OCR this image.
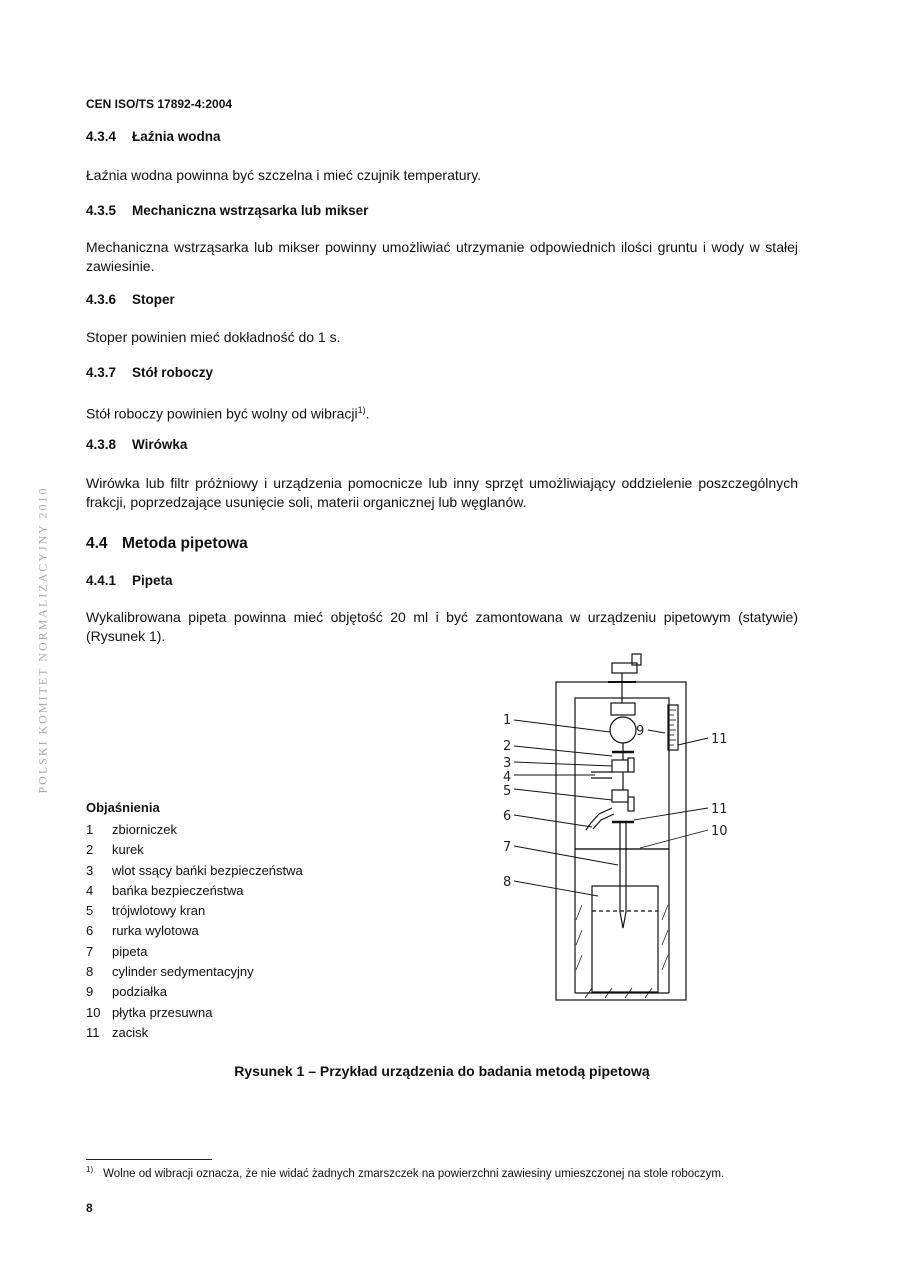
CEN ISO/TS 17892-4:2004
POLSKI KOMITET NORMALIZACYJNY 2010
4.3.4 Łaźnia wodna
Łaźnia wodna powinna być szczelna i mieć czujnik temperatury.
4.3.5 Mechaniczna wstrząsarka lub mikser
Mechaniczna wstrząsarka lub mikser powinny umożliwiać utrzymanie odpowiednich ilości gruntu i wody w stałej zawiesinie.
4.3.6 Stoper
Stoper powinien mieć dokładność do 1 s.
4.3.7 Stół roboczy
Stół roboczy powinien być wolny od wibracji$^{1)}$.
4.3.8 Wirówka
Wirówka lub filtr próżniowy i urządzenia pomocnicze lub inny sprzęt umożliwiający oddzielenie poszczególnych frakcji, poprzedzające usunięcie soli, materii organicznej lub węglanów.
4.4 Metoda pipetowa
4.4.1 Pipeta
Wykalibrowana pipeta powinna mieć objętość 20 ml i być zamontowana w urządzeniu pipetowym (statywie) (Rysunek 1).
1
2
3
4
5
6
7
8
9
11
11
10
Objaśnienia
1	zbiorniczek
2	kurek
3	wlot ssący bańki bezpieczeństwa
4	bańka bezpieczeństwa
5	trójwlotowy kran
6	rurka wylotowa
7	pipeta
8	cylinder sedymentacyjny
9	podziałka
10 płytka przesuwna
11 zacisk
Rysunek 1 – Przykład urządzenia do badania metodą pipetową
$^{1)}$ Wolne od wibracji oznacza, że nie widać żadnych zmarszczek na powierzchni zawiesiny umieszczonej na stole roboczym.
8
